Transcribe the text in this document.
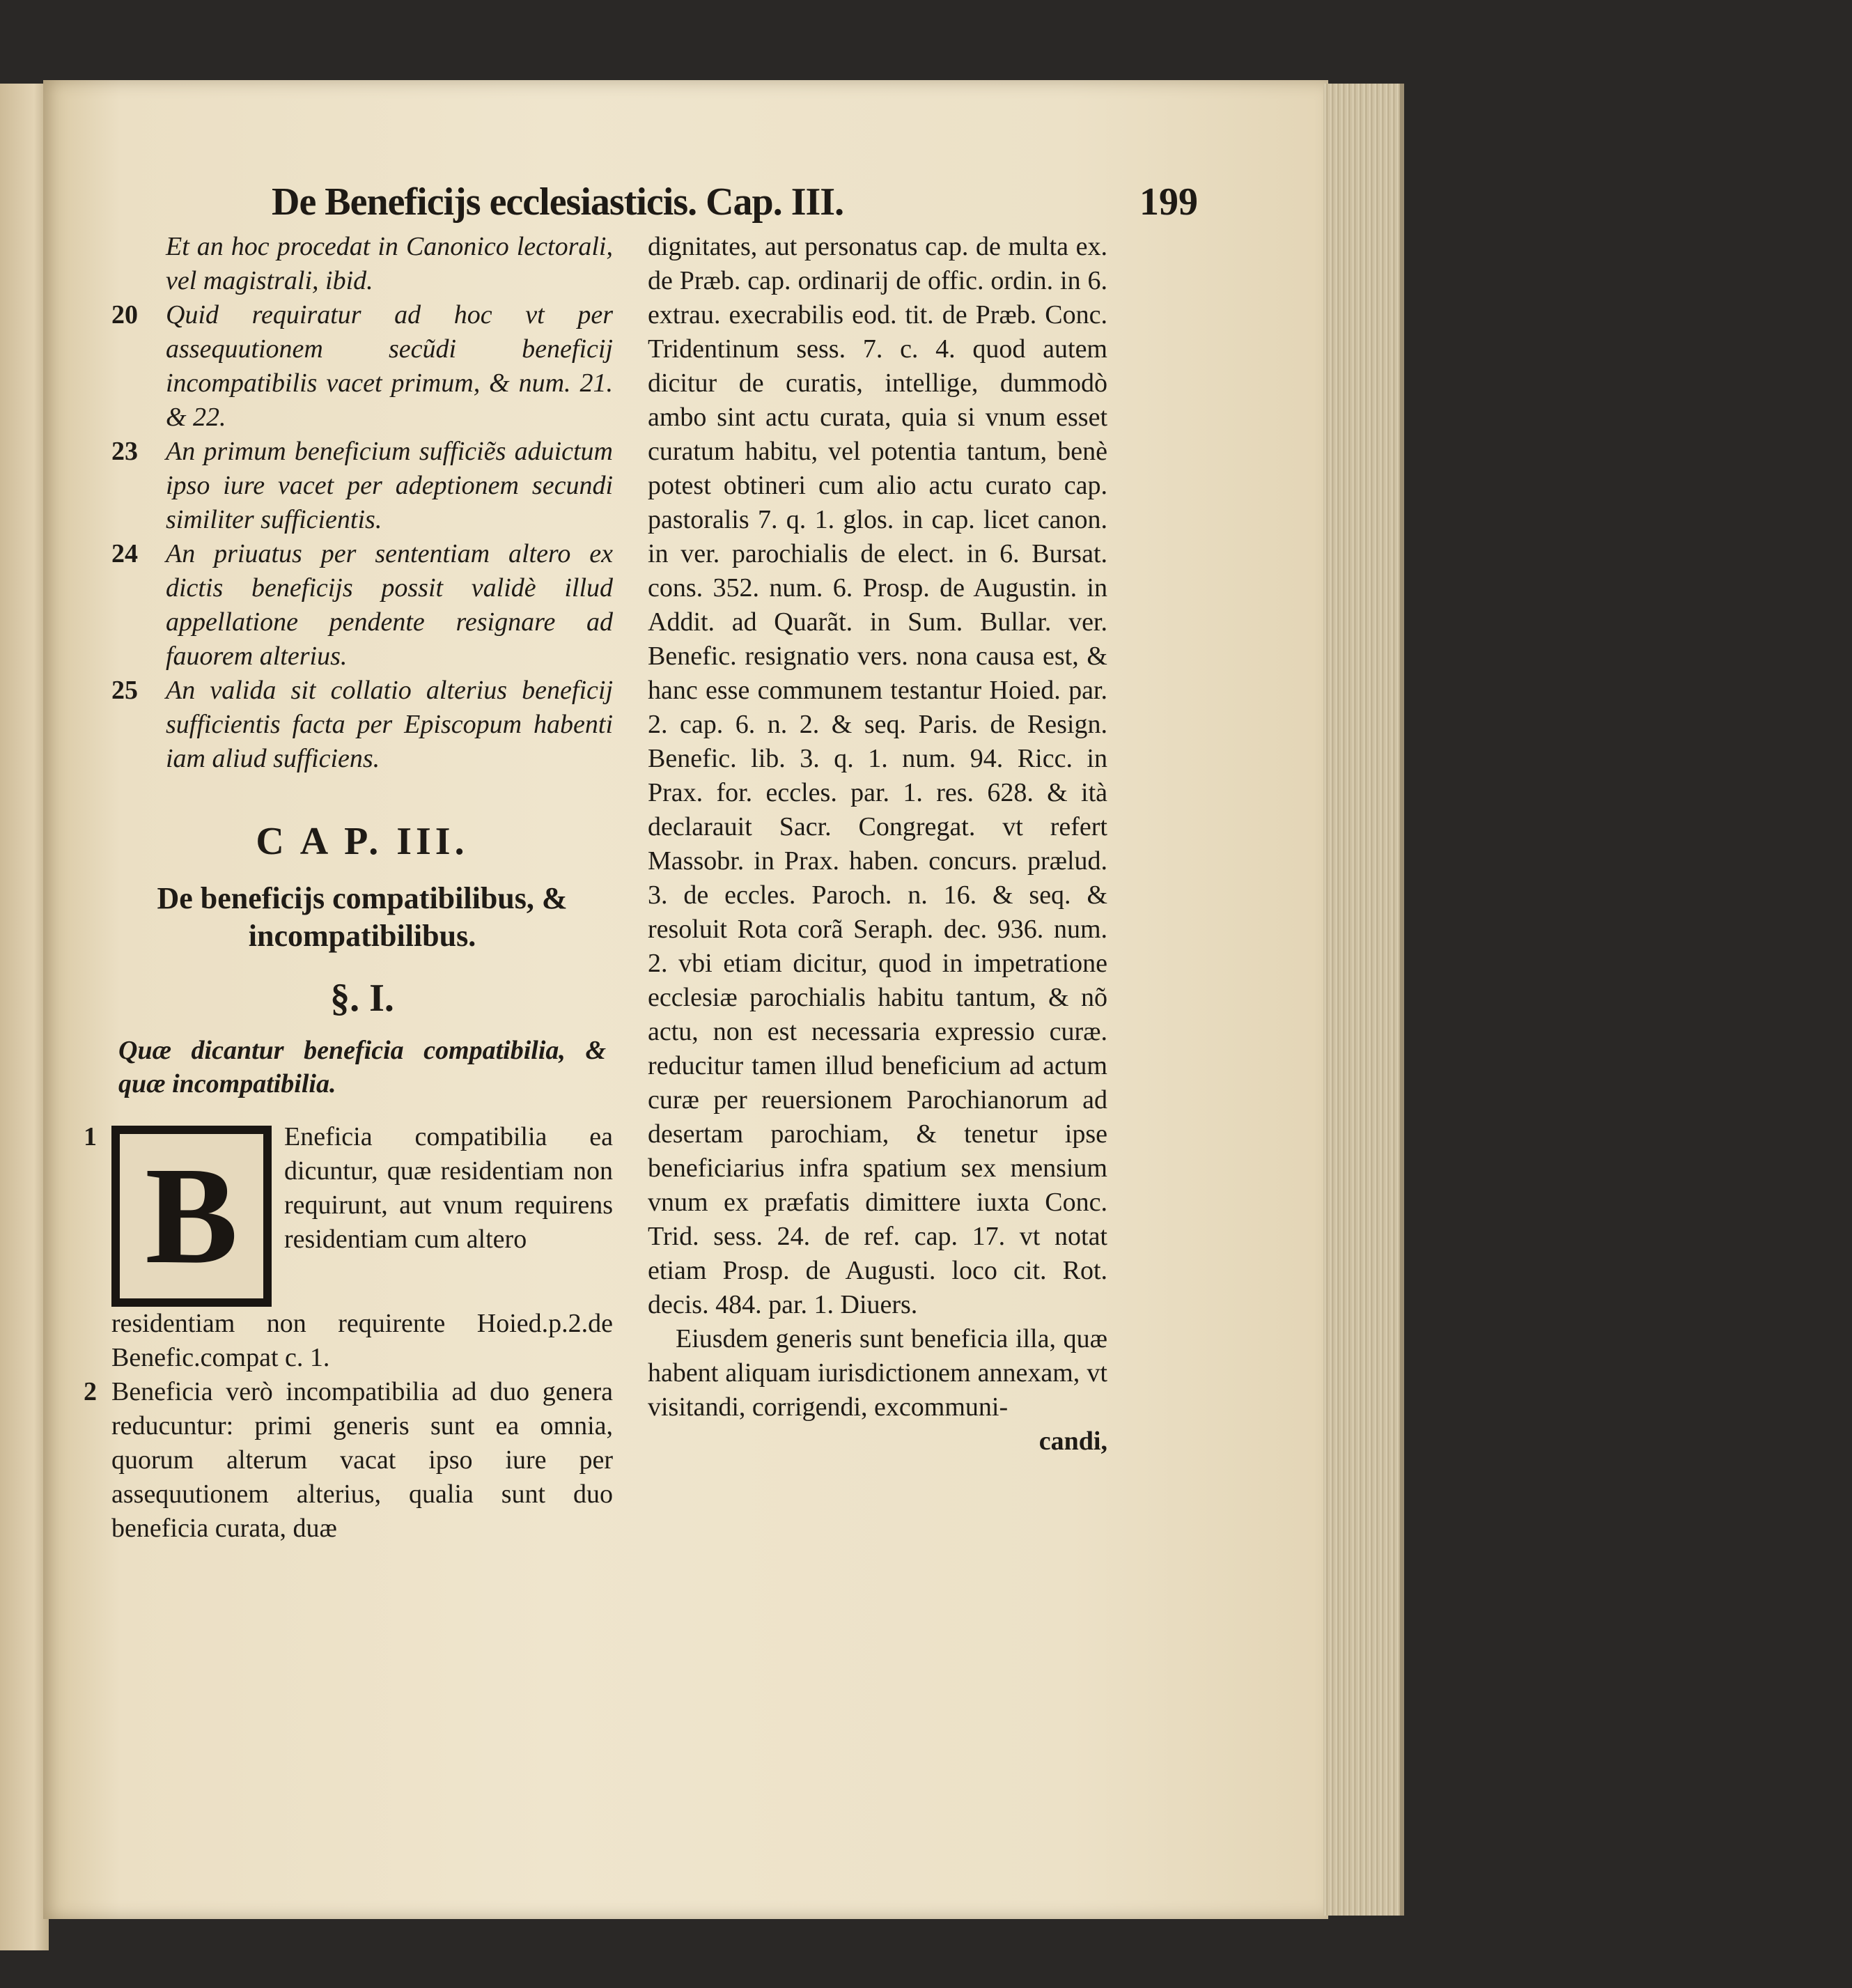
De Beneficijs ecclesiasticis. Cap. III.	199

Et an hoc procedat in Canonico lectorali, vel magistrali, ibid.

20	Quid requiratur ad hoc vt per assequutionem secũdi beneficij incompatibilis vacet primum, & num. 21. & 22.

23	An primum beneficium sufficiẽs aduictum ipso iure vacet per adeptionem secundi similiter sufficientis.

24	An priuatus per sententiam altero ex dictis beneficijs possit validè illud appellatione pendente resignare ad fauorem alterius.

25	An valida sit collatio alterius beneficij sufficientis facta per Episcopum habenti iam aliud sufficiens.

C A P. III.
De beneficijs compatibilibus, & incompatibilibus.
§. I.
Quæ dicantur beneficia compatibilia, & quæ incompatibilia.
1
B
Eneficia compatibilia ea dicuntur, quæ residentiam non requirunt, aut vnum requirens residentiam cum altero
residentiam non requirente Hoied.p.2.de Benefic.compat c. 1.
2 Beneficia verò incompatibilia ad duo genera reducuntur: primi generis sunt ea omnia, quorum alterum vacat ipso iure per assequutionem alterius, qualia sunt duo beneficia curata, duæ
dignitates, aut personatus cap. de multa ex. de Præb. cap. ordinarij de offic. ordin. in 6. extrau. execrabilis eod. tit. de Præb. Conc. Tridentinum sess. 7. c. 4. quod autem dicitur de curatis, intellige, dummodò ambo sint actu curata, quia si vnum esset curatum habitu, vel potentia tantum, benè potest obtineri cum alio actu curato cap. pastoralis 7. q. 1. glos. in cap. licet canon. in ver. parochialis de elect. in 6. Bursat. cons. 352. num. 6. Prosp. de Augustin. in Addit. ad Quarãt. in Sum. Bullar. ver. Benefic. resignatio vers. nona causa est, & hanc esse communem testantur Hoied. par. 2. cap. 6. n. 2. & seq. Paris. de Resign. Benefic. lib. 3. q. 1. num. 94. Ricc. in Prax. for. eccles. par. 1. res. 628. & ità declarauit Sacr. Congregat. vt refert Massobr. in Prax. haben. concurs. prælud. 3. de eccles. Paroch. n. 16. & seq. & resoluit Rota corã Seraph. dec. 936. num. 2. vbi etiam dicitur, quod in impetratione ecclesiæ parochialis habitu tantum, & nõ actu, non est necessaria expressio curæ. reducitur tamen illud beneficium ad actum curæ per reuersionem Parochianorum ad desertam parochiam, & tenetur ipse beneficiarius infra spatium sex mensium vnum ex præfatis dimittere iuxta Conc. Trid. sess. 24. de ref. cap. 17. vt notat etiam Prosp. de Augusti. loco cit. Rot. decis. 484. par. 1. Diuers.
Eiusdem generis sunt beneficia illa, quæ habent aliquam iurisdictionem annexam, vt visitandi, corrigendi, excommuni-
candi,
